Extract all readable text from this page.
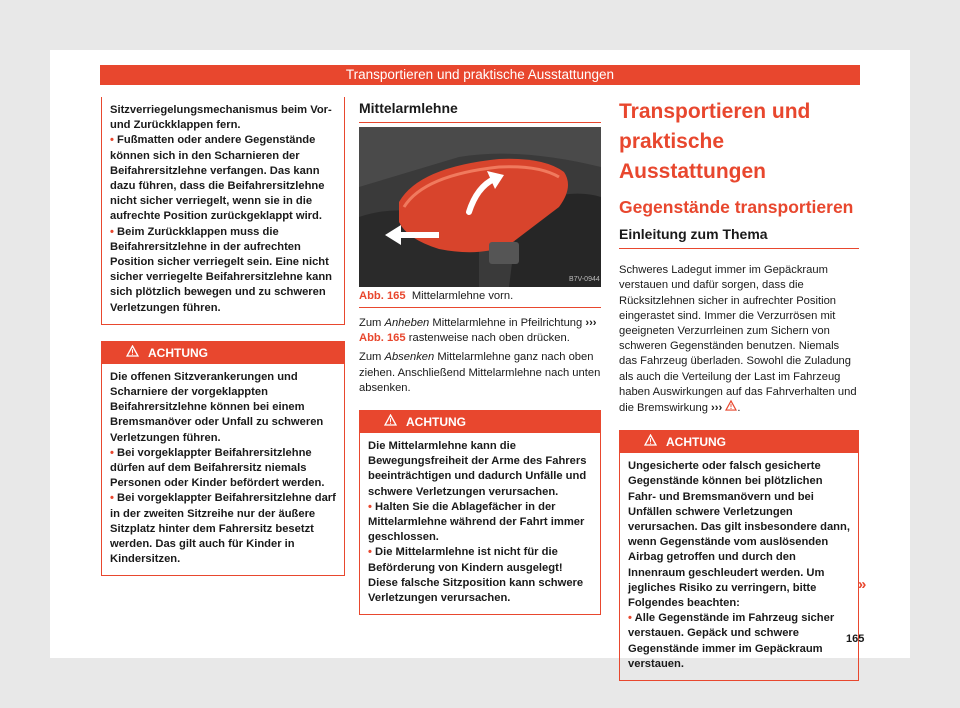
Transportieren und praktische Ausstattungen

Sitzverriegelungsmechanismus beim Vor- und Zurückklappen fern.

• Fußmatten oder andere Gegenstände können sich in den Scharnieren der Beifahrersitzlehne verfangen. Das kann dazu führen, dass die Beifahrersitzlehne nicht sicher verriegelt, wenn sie in die aufrechte Position zurückgeklappt wird.

• Beim Zurückklappen muss die Beifahrersitzlehne in der aufrechten Position sicher verriegelt sein. Eine nicht sicher verriegelte Beifahrersitzlehne kann sich plötzlich bewegen und zu schweren Verletzungen führen.

ACHTUNG

Die offenen Sitzverankerungen und Scharniere der vorgeklappten Beifahrersitzlehne können bei einem Bremsmanöver oder Unfall zu schweren Verletzungen führen.

• Bei vorgeklappter Beifahrersitzlehne dürfen auf dem Beifahrersitz niemals Personen oder Kinder befördert werden.

• Bei vorgeklappter Beifahrersitzlehne darf in der zweiten Sitzreihe nur der äußere Sitzplatz hinter dem Fahrersitz besetzt werden. Das gilt auch für Kinder in Kindersitzen.

Mittelarmlehne
B7V-0944
Abb. 165 Mittelarmlehne vorn.

Zum Anheben Mittelarmlehne in Pfeilrichtung ››› Abb. 165 rastenweise nach oben drücken.

Zum Absenken Mittelarmlehne ganz nach oben ziehen. Anschließend Mittelarmlehne nach unten absenken.

ACHTUNG

Die Mittelarmlehne kann die Bewegungsfreiheit der Arme des Fahrers beeinträchtigen und dadurch Unfälle und schwere Verletzungen verursachen.

• Halten Sie die Ablagefächer in der Mittelarmlehne während der Fahrt immer geschlossen.

• Die Mittelarmlehne ist nicht für die Beförderung von Kindern ausgelegt! Diese falsche Sitzposition kann schwere Verletzungen verursachen.

Transportieren und praktische Ausstattungen
Gegenstände transportieren
Einleitung zum Thema

Schweres Ladegut immer im Gepäckraum verstauen und dafür sorgen, dass die Rücksitzlehnen sicher in aufrechter Position eingerastet sind. Immer die Verzurrösen mit geeigneten Verzurrleinen zum Sichern von schweren Gegenständen benutzen. Niemals das Fahrzeug überladen. Sowohl die Zuladung als auch die Verteilung der Last im Fahrzeug haben Auswirkungen auf das Fahrverhalten und die Bremswirkung ››› .

ACHTUNG

Ungesicherte oder falsch gesicherte Gegenstände können bei plötzlichen Fahr- und Bremsmanövern und bei Unfällen schwere Verletzungen verursachen. Das gilt insbesondere dann, wenn Gegenstände vom auslösenden Airbag getroffen und durch den Innenraum geschleudert werden. Um jegliches Risiko zu verringern, bitte Folgendes beachten:

• Alle Gegenstände im Fahrzeug sicher verstauen. Gepäck und schwere Gegenstände immer im Gepäckraum verstauen.

»
165
